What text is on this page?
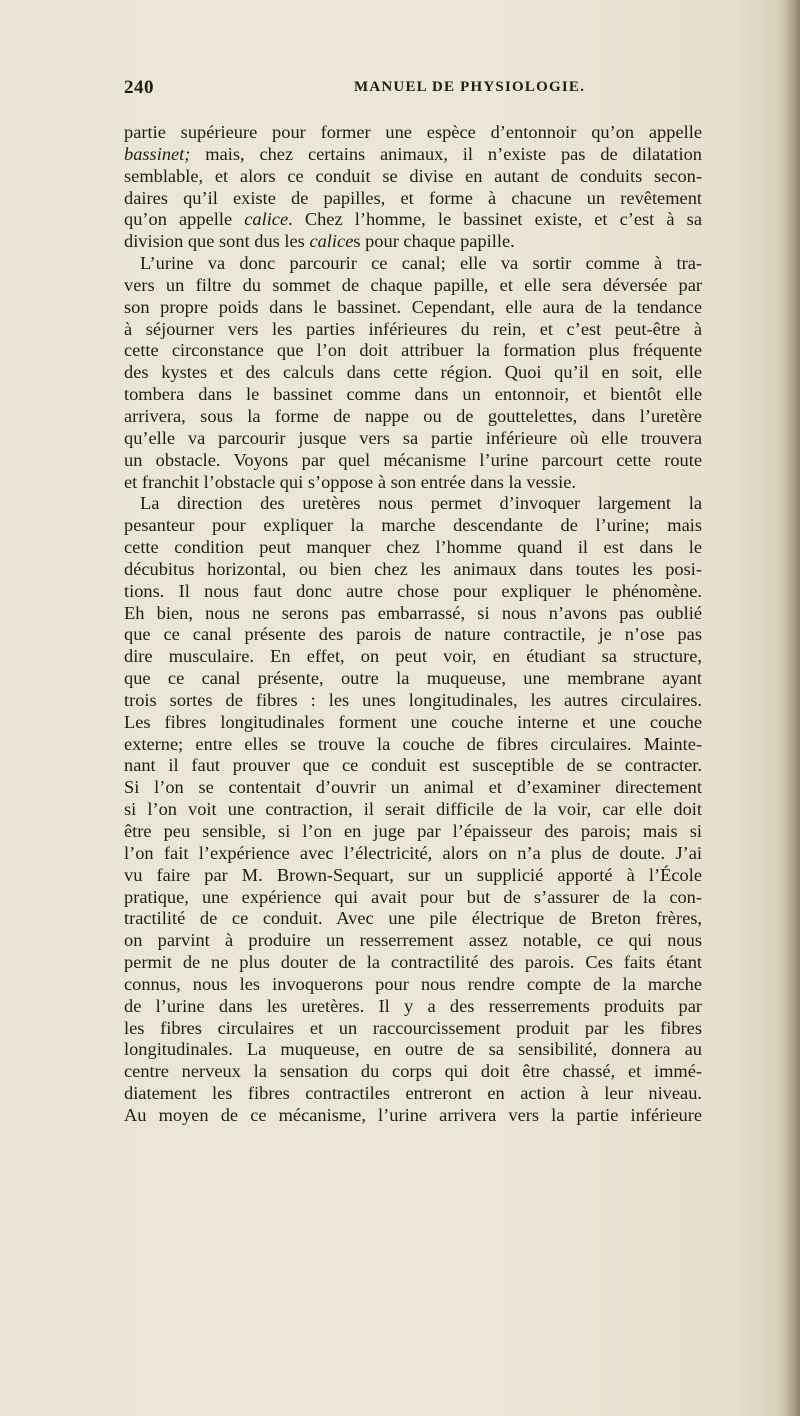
240	MANUEL DE PHYSIOLOGIE.
partie supérieure pour former une espèce d’entonnoir qu’on appelle
bassinet; mais, chez certains animaux, il n’existe pas de dilatation
semblable, et alors ce conduit se divise en autant de conduits secon-
daires qu’il existe de papilles, et forme à chacune un revêtement
qu’on appelle calice. Chez l’homme, le bassinet existe, et c’est à sa
division que sont dus les calices pour chaque papille.
L’urine va donc parcourir ce canal; elle va sortir comme à tra-
vers un filtre du sommet de chaque papille, et elle sera déversée par
son propre poids dans le bassinet. Cependant, elle aura de la tendance
à séjourner vers les parties inférieures du rein, et c’est peut-être à
cette circonstance que l’on doit attribuer la formation plus fréquente
des kystes et des calculs dans cette région. Quoi qu’il en soit, elle
tombera dans le bassinet comme dans un entonnoir, et bientôt elle
arrivera, sous la forme de nappe ou de gouttelettes, dans l’uretère
qu’elle va parcourir jusque vers sa partie inférieure où elle trouvera
un obstacle. Voyons par quel mécanisme l’urine parcourt cette route
et franchit l’obstacle qui s’oppose à son entrée dans la vessie.
La direction des uretères nous permet d’invoquer largement la
pesanteur pour expliquer la marche descendante de l’urine; mais
cette condition peut manquer chez l’homme quand il est dans le
décubitus horizontal, ou bien chez les animaux dans toutes les posi-
tions. Il nous faut donc autre chose pour expliquer le phénomène.
Eh bien, nous ne serons pas embarrassé, si nous n’avons pas oublié
que ce canal présente des parois de nature contractile, je n’ose pas
dire musculaire. En effet, on peut voir, en étudiant sa structure,
que ce canal présente, outre la muqueuse, une membrane ayant
trois sortes de fibres : les unes longitudinales, les autres circulaires.
Les fibres longitudinales forment une couche interne et une couche
externe; entre elles se trouve la couche de fibres circulaires. Mainte-
nant il faut prouver que ce conduit est susceptible de se contracter.
Si l’on se contentait d’ouvrir un animal et d’examiner directement
si l’on voit une contraction, il serait difficile de la voir, car elle doit
être peu sensible, si l’on en juge par l’épaisseur des parois; mais si
l’on fait l’expérience avec l’électricité, alors on n’a plus de doute. J’ai
vu faire par M. Brown-Sequart, sur un supplicié apporté à l’École
pratique, une expérience qui avait pour but de s’assurer de la con-
tractilité de ce conduit. Avec une pile électrique de Breton frères,
on parvint à produire un resserrement assez notable, ce qui nous
permit de ne plus douter de la contractilité des parois. Ces faits étant
connus, nous les invoquerons pour nous rendre compte de la marche
de l’urine dans les uretères. Il y a des resserrements produits par
les fibres circulaires et un raccourcissement produit par les fibres
longitudinales. La muqueuse, en outre de sa sensibilité, donnera au
centre nerveux la sensation du corps qui doit être chassé, et immé-
diatement les fibres contractiles entreront en action à leur niveau.
Au moyen de ce mécanisme, l’urine arrivera vers la partie inférieure
